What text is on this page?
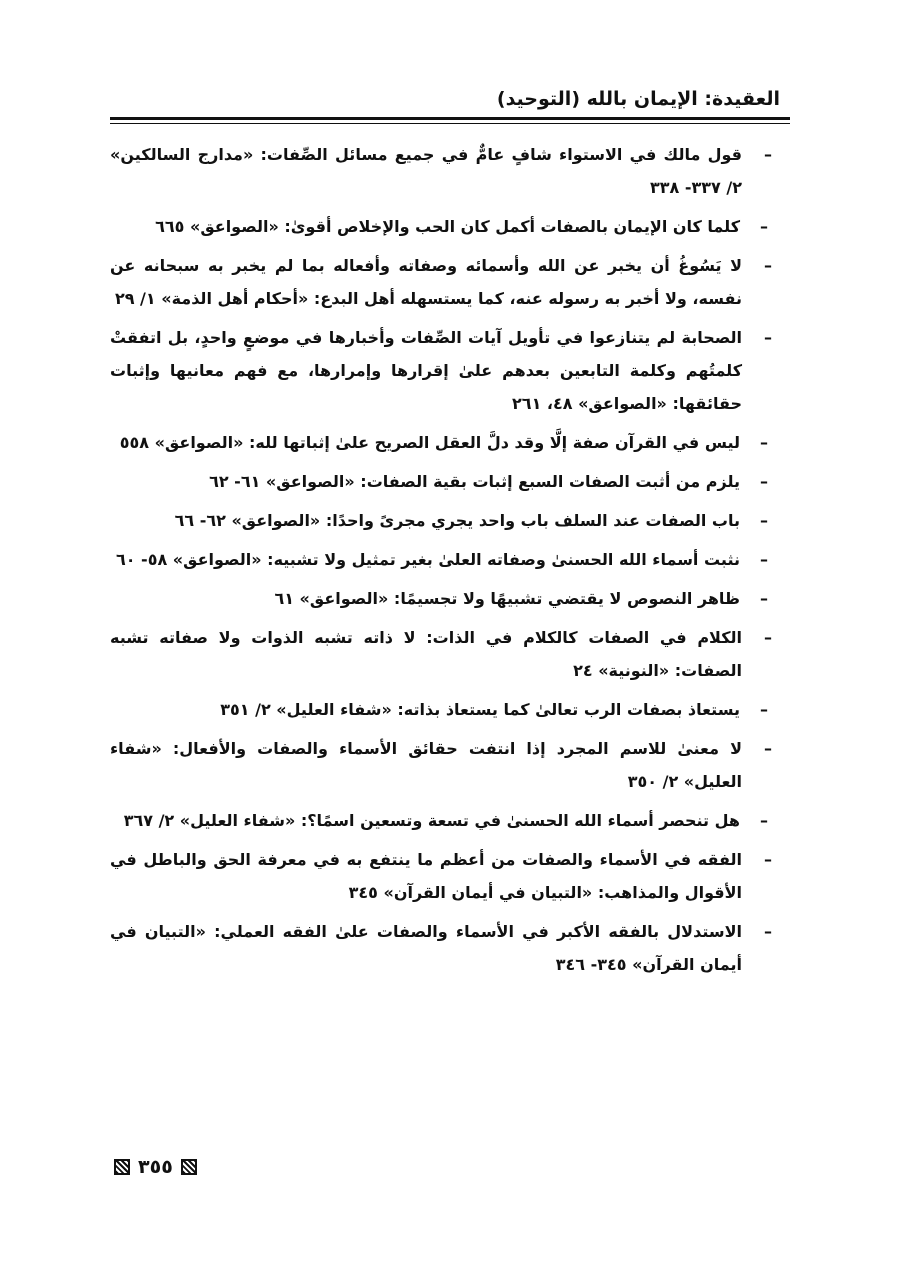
العقيدة: الإيمان بالله (التوحيد)
–
قول مالك في الاستواء شافٍ عامٌّ في جميع مسائل الصِّفات: «مدارج السالكين» ٢/ ٣٣٧- ٣٣٨
–
كلما كان الإيمان بالصفات أكمل كان الحب والإخلاص أقوىٰ: «الصواعق» ٦٦٥
–
لا يَسُوغُ أن يخبر عن الله وأسمائه وصفاته وأفعاله بما لم يخبر به سبحانه عن نفسه، ولا أخبر به رسوله عنه، كما يستسهله أهل البدع: «أحكام أهل الذمة» ١/ ٢٩
–
الصحابة لم يتنازعوا في تأويل آيات الصِّفات وأخبارها في موضعٍ واحدٍ، بل اتفقتْ كلمتُهم وكلمة التابعين بعدهم علىٰ إقرارها وإمرارها، مع فهم معانيها وإثبات حقائقها: «الصواعق» ٤٨، ٢٦١
–
ليس في القرآن صفة إلَّا وقد دلَّ العقل الصريح علىٰ إثباتها لله: «الصواعق» ٥٥٨
–
يلزم من أثبت الصفات السبع إثبات بقية الصفات: «الصواعق» ٦١- ٦٢
–
باب الصفات عند السلف باب واحد يجري مجرىً واحدًا: «الصواعق» ٦٢- ٦٦
–
نثبت أسماء الله الحسنىٰ وصفاته العلىٰ بغير تمثيل ولا تشبيه: «الصواعق» ٥٨- ٦٠
–
ظاهر النصوص لا يقتضي تشبيهًا ولا تجسيمًا: «الصواعق» ٦١
–
الكلام في الصفات كالكلام في الذات: لا ذاته تشبه الذوات ولا صفاته تشبه الصفات: «النونية» ٢٤
–
يستعاذ بصفات الرب تعالىٰ كما يستعاذ بذاته: «شفاء العليل» ٢/ ٣٥١
–
لا معنىٰ للاسم المجرد إذا انتفت حقائق الأسماء والصفات والأفعال: «شفاء العليل» ٢/ ٣٥٠
–
هل تنحصر أسماء الله الحسنىٰ في تسعة وتسعين اسمًا؟: «شفاء العليل» ٢/ ٣٦٧
–
الفقه في الأسماء والصفات من أعظم ما ينتفع به في معرفة الحق والباطل في الأقوال والمذاهب: «التبيان في أيمان القرآن» ٣٤٥
–
الاستدلال بالفقه الأكبر في الأسماء والصفات علىٰ الفقه العملي: «التبيان في أيمان القرآن» ٣٤٥- ٣٤٦
٣٥٥
